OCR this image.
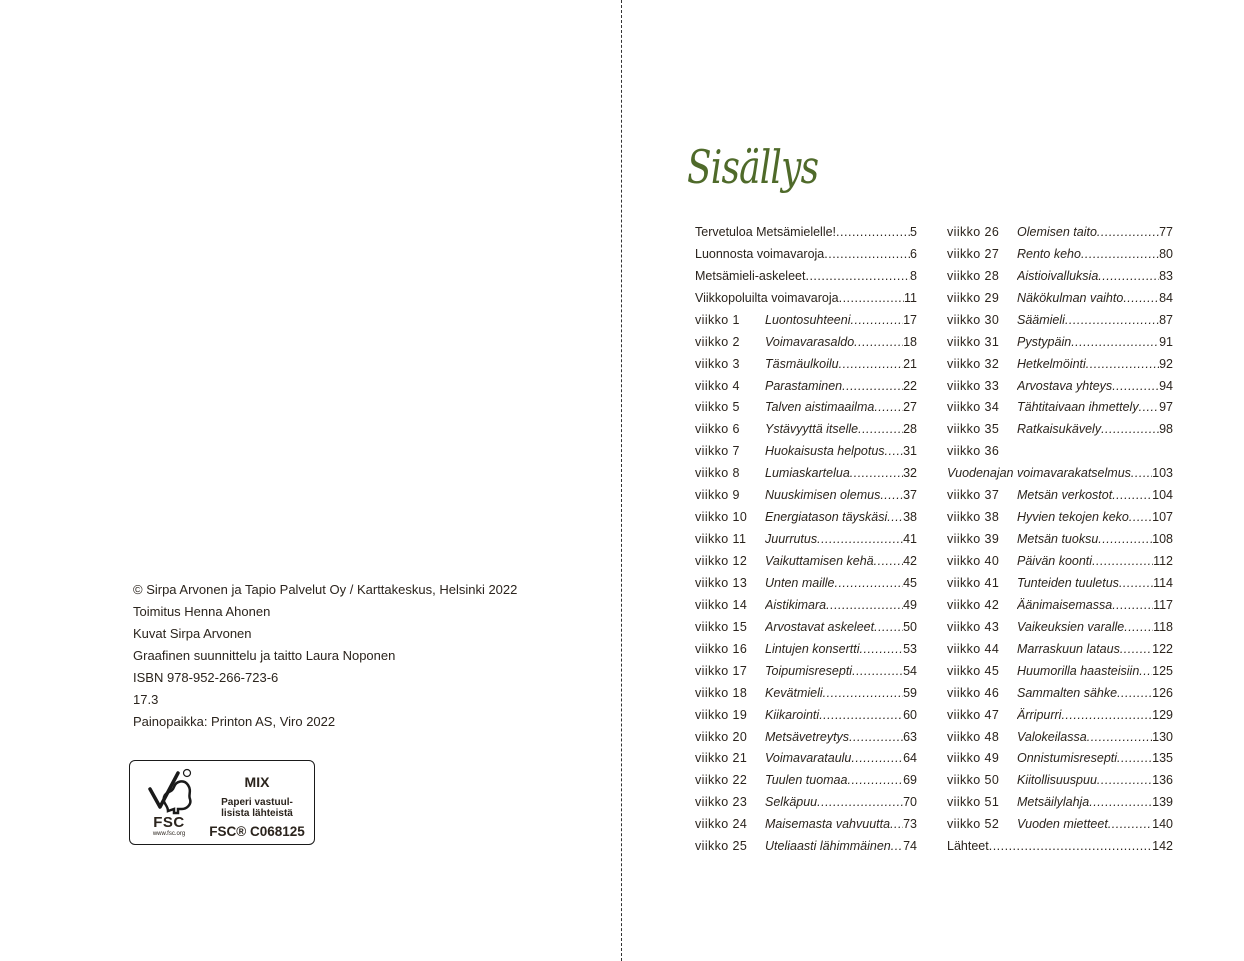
© Sirpa Arvonen ja Tapio Palvelut Oy / Karttakeskus, Helsinki 2022
Toimitus Henna Ahonen
Kuvat Sirpa Arvonen
Graafinen suunnittelu ja taitto Laura Noponen
ISBN 978-952-266-723-6
17.3
Painopaikka: Printon AS, Viro 2022
FSC
www.fsc.org
MIX
Paperi vastuul-
lisista lähteistä
FSC® C068125
Sisällys
Tervetuloa Metsämielelle! .....	5
Luonnosta voimavaroja .....	6
Metsämieli-askeleet .....	8
Viikkopoluilta voimavaroja .....	11
viikko 1	Luontosuhteeni .....	17
viikko 2	Voimavarasaldo .....	18
viikko 3	Täsmäulkoilu .....	21
viikko 4	Parastaminen .....	22
viikko 5	Talven aistimaailma ..... 27
viikko 6	Ystävyyttä itselle .....	28
viikko 7	Huokaisusta helpotus ..... 31
viikko 8	Lumiaskartelua .....	32
viikko 9	Nuuskimisen olemus ..... 37
viikko 10	Energiatason täyskäsi ..... 38
viikko 11	Juurrutus .....	41
viikko 12	Vaikuttamisen kehä ..... 42
viikko 13	Unten maille .....	45
viikko 14	Aistikimara .....	49
viikko 15	Arvostavat askeleet ..... 50
viikko 16	Lintujen konsertti .....	53
viikko 17	Toipumisresepti .....	54
viikko 18	Kevätmieli .....	59
viikko 19	Kiikarointi .....	60
viikko 20	Metsävetreytys .....	63
viikko 21	Voimavarataulu .....	64
viikko 22	Tuulen tuomaa .....	69
viikko 23	Selkäpuu .....	70
viikko 24	Maisemasta vahvuutta ..... 73
viikko 25	Uteliaasti lähimmäinen ..... 74
viikko 26	Olemisen taito .....	77
viikko 27	Rento keho .....	80
viikko 28	Aistioivalluksia .....	83
viikko 29	Näkökulman vaihto .....	84
viikko 30	Säämieli .....	87
viikko 31	Pystypäin .....	91
viikko 32	Hetkelmöinti .....	92
viikko 33	Arvostava yhteys .....	94
viikko 34	Tähtitaivaan ihmettely ..... 97
viikko 35	Ratkaisukävely .....	98
viikko 36
Vuodenajan voimavarakatselmus ..... 103
viikko 37	Metsän verkostot .....	104
viikko 38	Hyvien tekojen keko ..... 107
viikko 39	Metsän tuoksu .....	108
viikko 40	Päivän koonti .....	112
viikko 41	Tunteiden tuuletus .....	114
viikko 42	Äänimaisemassa .....	117
viikko 43	Vaikeuksien varalle ..... 118
viikko 44	Marraskuun lataus .....	122
viikko 45	Huumorilla haasteisiin ..... 125
viikko 46	Sammalten sähke .....	126
viikko 47	Ärripurri .....	129
viikko 48	Valokeilassa .....	130
viikko 49	Onnistumisresepti .....	135
viikko 50	Kiitollisuuspuu .....	136
viikko 51	Metsäilylahja .....	139
viikko 52	Vuoden mietteet .....	140
Lähteet .....	142
